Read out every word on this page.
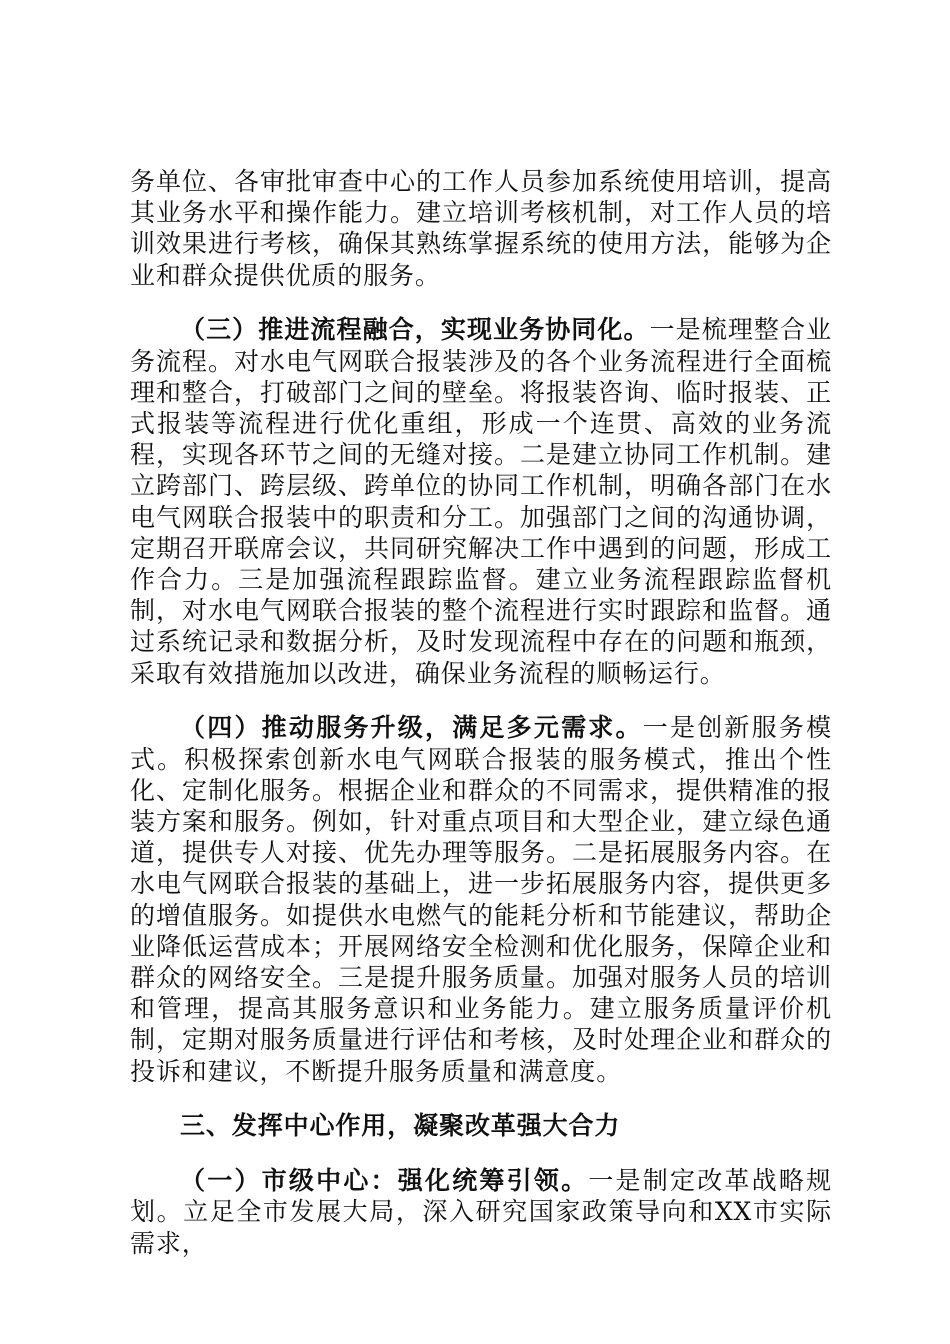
务单位、各审批审查中心的工作人员参加系统使用培训，提高其业务水平和操作能力。建立培训考核机制，对工作人员的培训效果进行考核，确保其熟练掌握系统的使用方法，能够为企业和群众提供优质的服务。

（三）推进流程融合，实现业务协同化。一是梳理整合业务流程。对水电气网联合报装涉及的各个业务流程进行全面梳理和整合，打破部门之间的壁垒。将报装咨询、临时报装、正式报装等流程进行优化重组，形成一个连贯、高效的业务流程，实现各环节之间的无缝对接。二是建立协同工作机制。建立跨部门、跨层级、跨单位的协同工作机制，明确各部门在水电气网联合报装中的职责和分工。加强部门之间的沟通协调，定期召开联席会议，共同研究解决工作中遇到的问题，形成工作合力。三是加强流程跟踪监督。建立业务流程跟踪监督机制，对水电气网联合报装的整个流程进行实时跟踪和监督。通过系统记录和数据分析，及时发现流程中存在的问题和瓶颈，采取有效措施加以改进，确保业务流程的顺畅运行。

（四）推动服务升级，满足多元需求。一是创新服务模式。积极探索创新水电气网联合报装的服务模式，推出个性化、定制化服务。根据企业和群众的不同需求，提供精准的报装方案和服务。例如，针对重点项目和大型企业，建立绿色通道，提供专人对接、优先办理等服务。二是拓展服务内容。在水电气网联合报装的基础上，进一步拓展服务内容，提供更多的增值服务。如提供水电燃气的能耗分析和节能建议，帮助企业降低运营成本；开展网络安全检测和优化服务，保障企业和群众的网络安全。三是提升服务质量。加强对服务人员的培训和管理，提高其服务意识和业务能力。建立服务质量评价机制，定期对服务质量进行评估和考核，及时处理企业和群众的投诉和建议，不断提升服务质量和满意度。

三、发挥中心作用，凝聚改革强大合力

（一）市级中心：强化统筹引领。一是制定改革战略规划。立足全市发展大局，深入研究国家政策导向和XX市实际需求，
